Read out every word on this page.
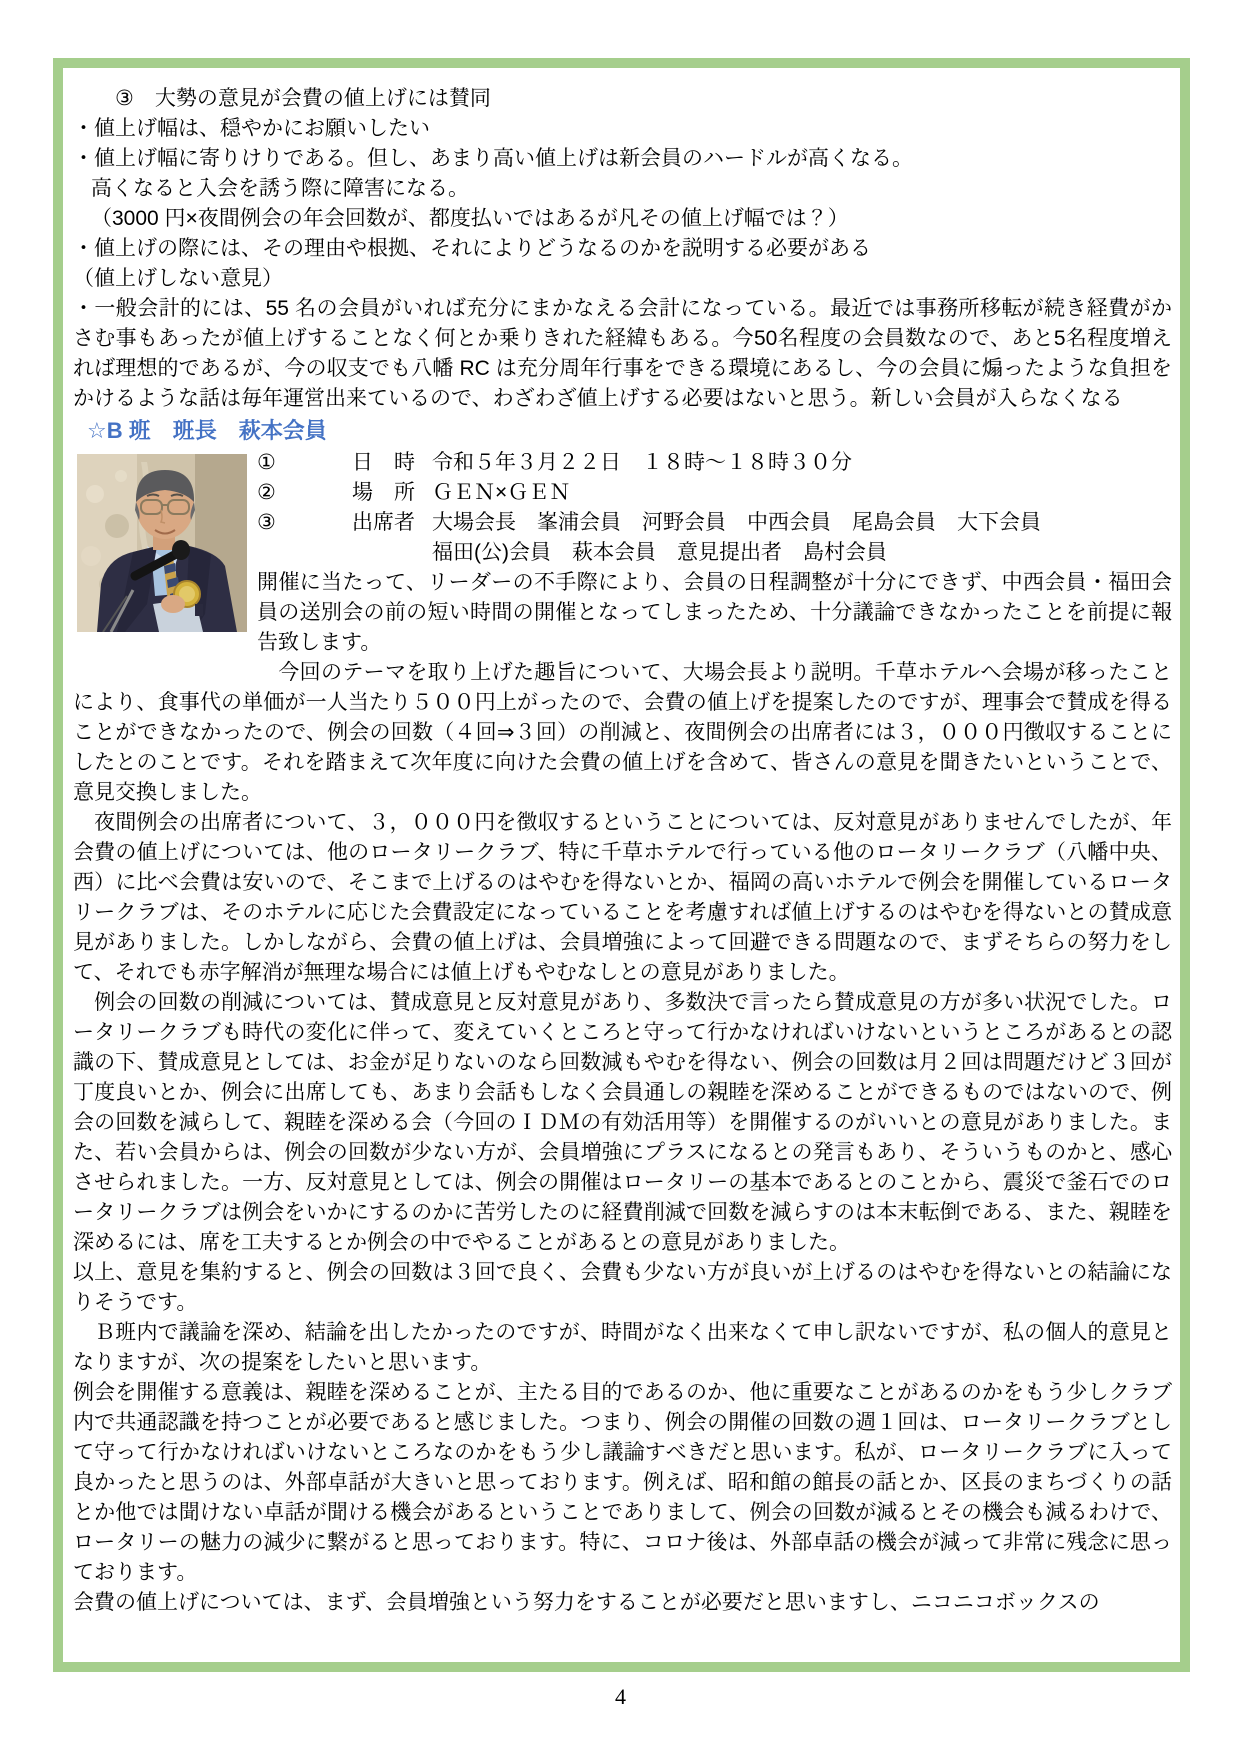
③　大勢の意見が会費の値上げには賛同
・値上げ幅は、穏やかにお願いしたい
・値上げ幅に寄りけりである。但し、あまり高い値上げは新会員のハードルが高くなる。
高くなると入会を誘う際に障害になる。
（3000 円×夜間例会の年会回数が、都度払いではあるが凡その値上げ幅では？）
・値上げの際には、その理由や根拠、それによりどうなるのかを説明する必要がある
（値上げしない意見）
・一般会計的には、55 名の会員がいれば充分にまかなえる会計になっている。最近では事務所移転が続き経費がかさむ事もあったが値上げすることなく何とか乗りきれた経緯もある。今50名程度の会員数なので、あと5名程度増えれば理想的であるが、今の収支でも八幡 RC は充分周年行事をできる環境にあるし、今の会員に煽ったような負担をかけるような話は毎年運営出来ているので、わざわざ値上げする必要はないと思う。新しい会員が入らなくなる
☆B 班　班長　萩本会員
①	日　時 令和５年３月２２日　１８時～１８時３０分
②	場　所 ＧＥＮ×ＧＥＮ
③	出席者 大場会長　峯浦会員　河野会員　中西会員　尾島会員　大下会員
福田(公)会員　萩本会員　意見提出者　島村会員
開催に当たって、リーダーの不手際により、会員の日程調整が十分にできず、中西会員・福田会員の送別会の前の短い時間の開催となってしまったため、十分議論できなかったことを前提に報告致します。
　今回のテーマを取り上げた趣旨について、大場会長より説明。千草ホテルへ会場が移ったことにより、食事代の単価が一人当たり５００円上がったので、会費の値上げを提案したのですが、理事会で賛成を得ることができなかったので、例会の回数（４回⇒３回）の削減と、夜間例会の出席者には３，０００円徴収することにしたとのことです。それを踏まえて次年度に向けた会費の値上げを含めて、皆さんの意見を聞きたいということで、意見交換しました。
　夜間例会の出席者について、３，０００円を徴収するということについては、反対意見がありませんでしたが、年会費の値上げについては、他のロータリークラブ、特に千草ホテルで行っている他のロータリークラブ（八幡中央、西）に比べ会費は安いので、そこまで上げるのはやむを得ないとか、福岡の高いホテルで例会を開催しているロータリークラブは、そのホテルに応じた会費設定になっていることを考慮すれば値上げするのはやむを得ないとの賛成意見がありました。しかしながら、会費の値上げは、会員増強によって回避できる問題なので、まずそちらの努力をして、それでも赤字解消が無理な場合には値上げもやむなしとの意見がありました。
　例会の回数の削減については、賛成意見と反対意見があり、多数決で言ったら賛成意見の方が多い状況でした。ロータリークラブも時代の変化に伴って、変えていくところと守って行かなければいけないというところがあるとの認識の下、賛成意見としては、お金が足りないのなら回数減もやむを得ない、例会の回数は月２回は問題だけど３回が丁度良いとか、例会に出席しても、あまり会話もしなく会員通しの親睦を深めることができるものではないので、例会の回数を減らして、親睦を深める会（今回のＩＤＭの有効活用等）を開催するのがいいとの意見がありました。また、若い会員からは、例会の回数が少ない方が、会員増強にプラスになるとの発言もあり、そういうものかと、感心させられました。一方、反対意見としては、例会の開催はロータリーの基本であるとのことから、震災で釜石でのロータリークラブは例会をいかにするのかに苦労したのに経費削減で回数を減らすのは本末転倒である、また、親睦を深めるには、席を工夫するとか例会の中でやることがあるとの意見がありました。
以上、意見を集約すると、例会の回数は３回で良く、会費も少ない方が良いが上げるのはやむを得ないとの結論になりそうです。
　Ｂ班内で議論を深め、結論を出したかったのですが、時間がなく出来なくて申し訳ないですが、私の個人的意見となりますが、次の提案をしたいと思います。
例会を開催する意義は、親睦を深めることが、主たる目的であるのか、他に重要なことがあるのかをもう少しクラブ内で共通認識を持つことが必要であると感じました。つまり、例会の開催の回数の週１回は、ロータリークラブとして守って行かなければいけないところなのかをもう少し議論すべきだと思います。私が、ロータリークラブに入って良かったと思うのは、外部卓話が大きいと思っております。例えば、昭和館の館長の話とか、区長のまちづくりの話とか他では聞けない卓話が聞ける機会があるということでありまして、例会の回数が減るとその機会も減るわけで、ロータリーの魅力の減少に繋がると思っております。特に、コロナ後は、外部卓話の機会が減って非常に残念に思っております。
会費の値上げについては、まず、会員増強という努力をすることが必要だと思いますし、ニコニコボックスの
4
